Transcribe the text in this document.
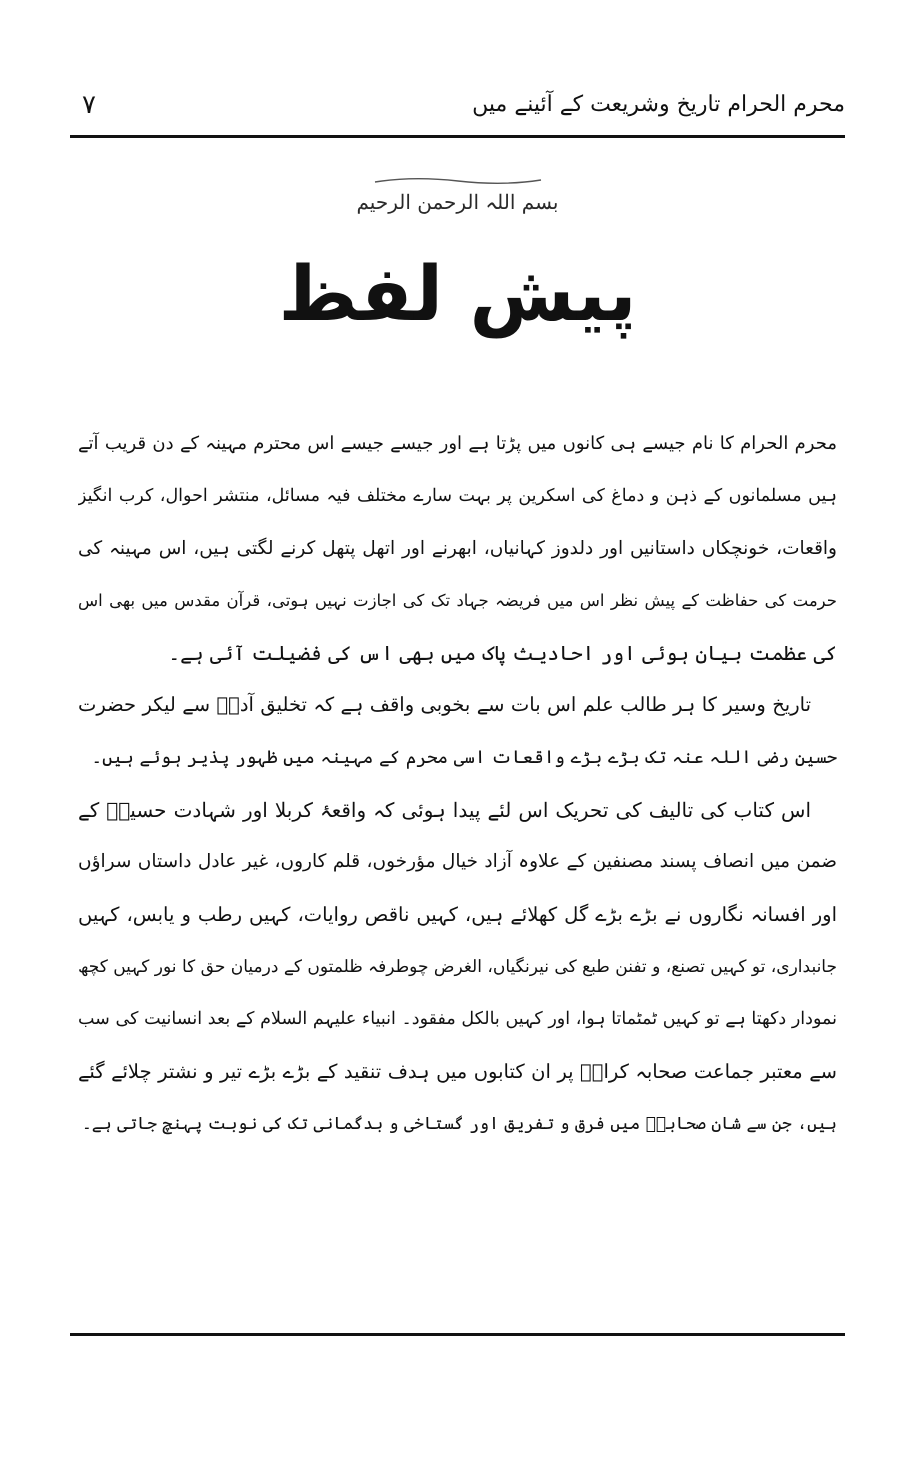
محرم الحرام تاریخ وشریعت کے آئینے میں
۷
بسم اللہ الرحمن الرحیم
پیش لفظ
محرم الحرام کا نام جیسے ہی کانوں میں پڑتا ہے اور جیسے جیسے اس محترم مہینہ کے دن قریب آتے
ہیں مسلمانوں کے ذہن و دماغ کی اسکرین پر بہت سارے مختلف فیہ مسائل، منتشر احوال، کرب انگیز
واقعات، خونچکاں داستانیں اور دلدوز کہانیاں، ابھرنے اور اتھل پتھل کرنے لگتی ہیں، اس مہینہ کی
حرمت کی حفاظت کے پیش نظر اس میں فریضہ جہاد تک کی اجازت نہیں ہوتی، قرآن مقدس میں بھی اس
کی عظمت بیان ہوئی اور احادیث پاک میں بھی اس کی فضیلت آئی ہے۔
تاریخ وسیر کا ہر طالب علم اس بات سے بخوبی واقف ہے کہ تخلیق آدمؑ سے لیکر حضرت
حسین رضی اللہ عنہ تک بڑے بڑے واقعات اسی محرم کے مہینہ میں ظہور پذیر ہوئے ہیں۔
اس کتاب کی تالیف کی تحریک اس لئے پیدا ہوئی کہ واقعۂ کربلا اور شہادت حسینؓ کے
ضمن میں انصاف پسند مصنفین کے علاوہ آزاد خیال مؤرخوں، قلم کاروں، غیر عادل داستاں سراؤں
اور افسانہ نگاروں نے بڑے بڑے گل کھلائے ہیں، کہیں ناقص روایات، کہیں رطب و یابس، کہیں
جانبداری، تو کہیں تصنع، و تفنن طبع کی نیرنگیاں، الغرض چوطرفہ ظلمتوں کے درمیان حق کا نور کہیں کچھ
نمودار دکھتا ہے تو کہیں ٹمٹماتا ہوا، اور کہیں بالکل مفقود۔ انبیاء علیہم السلام کے بعد انسانیت کی سب
سے معتبر جماعت صحابہ کرامؓ پر ان کتابوں میں ہدف تنقید کے بڑے بڑے تیر و نشتر چلائے گئے
ہیں، جن سے شان صحابہؓ میں فرق و تفریق اور گستاخی و بدگمانی تک کی نوبت پہنچ جاتی ہے۔
